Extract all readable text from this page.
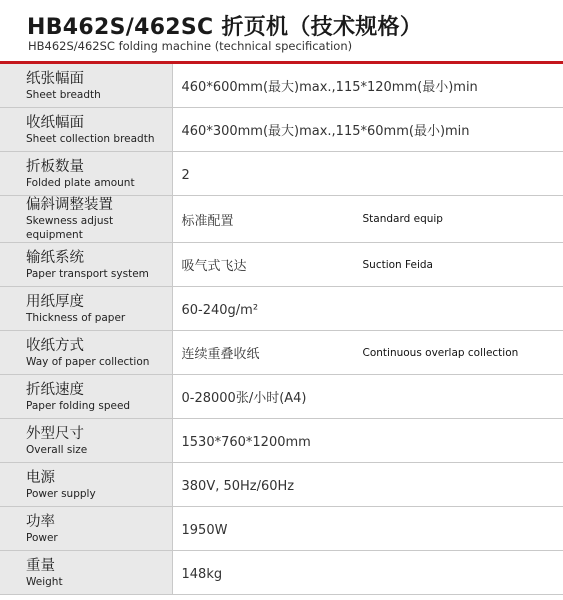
HB462S/462SC 折页机（技术规格）
HB462S/462SC folding machine (technical specification)
纸张幅面
Sheet breadth	460*600mm(最大)max.,115*120mm(最小)min

收纸幅面
Sheet collection breadth	460*300mm(最大)max.,115*60mm(最小)min

折板数量
Folded plate amount	2

偏斜调整装置
Skewness adjust equipment	标准配置 Standard equip

输纸系统
Paper transport system	吸气式飞达 Suction Feida

用纸厚度
Thickness of paper	60-240g/m²

收纸方式
Way of paper collection	连续重叠收纸 Continuous overlap collection

折纸速度
Paper folding speed	0-28000张/小时(A4)

外型尺寸
Overall size	1530*760*1200mm

电源
Power supply	380V, 50Hz/60Hz

功率
Power	1950W

重量
Weight	148kg
